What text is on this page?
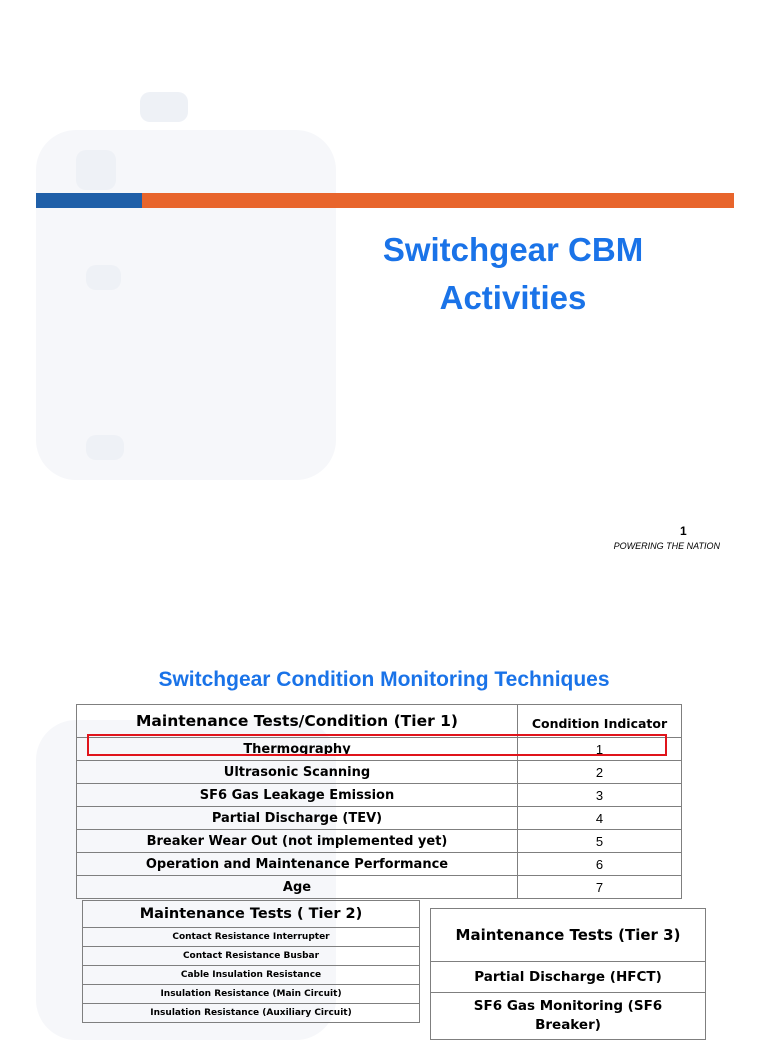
Switchgear CBM
Activities
1
POWERING THE NATION
Switchgear Condition Monitoring Techniques
Maintenance Tests/Condition (Tier 1)	Condition Indicator
Thermography	1
Ultrasonic Scanning	2
SF6 Gas Leakage Emission	3
Partial Discharge (TEV)	4
Breaker Wear Out (not implemented yet)	5
Operation and Maintenance Performance	6
Age	7
Maintenance Tests ( Tier 2)
Contact Resistance Interrupter
Contact Resistance Busbar
Cable Insulation Resistance
Insulation Resistance (Main Circuit)
Insulation Resistance (Auxiliary Circuit)
Maintenance Tests (Tier 3)
Partial Discharge (HFCT)
SF6 Gas Monitoring (SF6 Breaker)
